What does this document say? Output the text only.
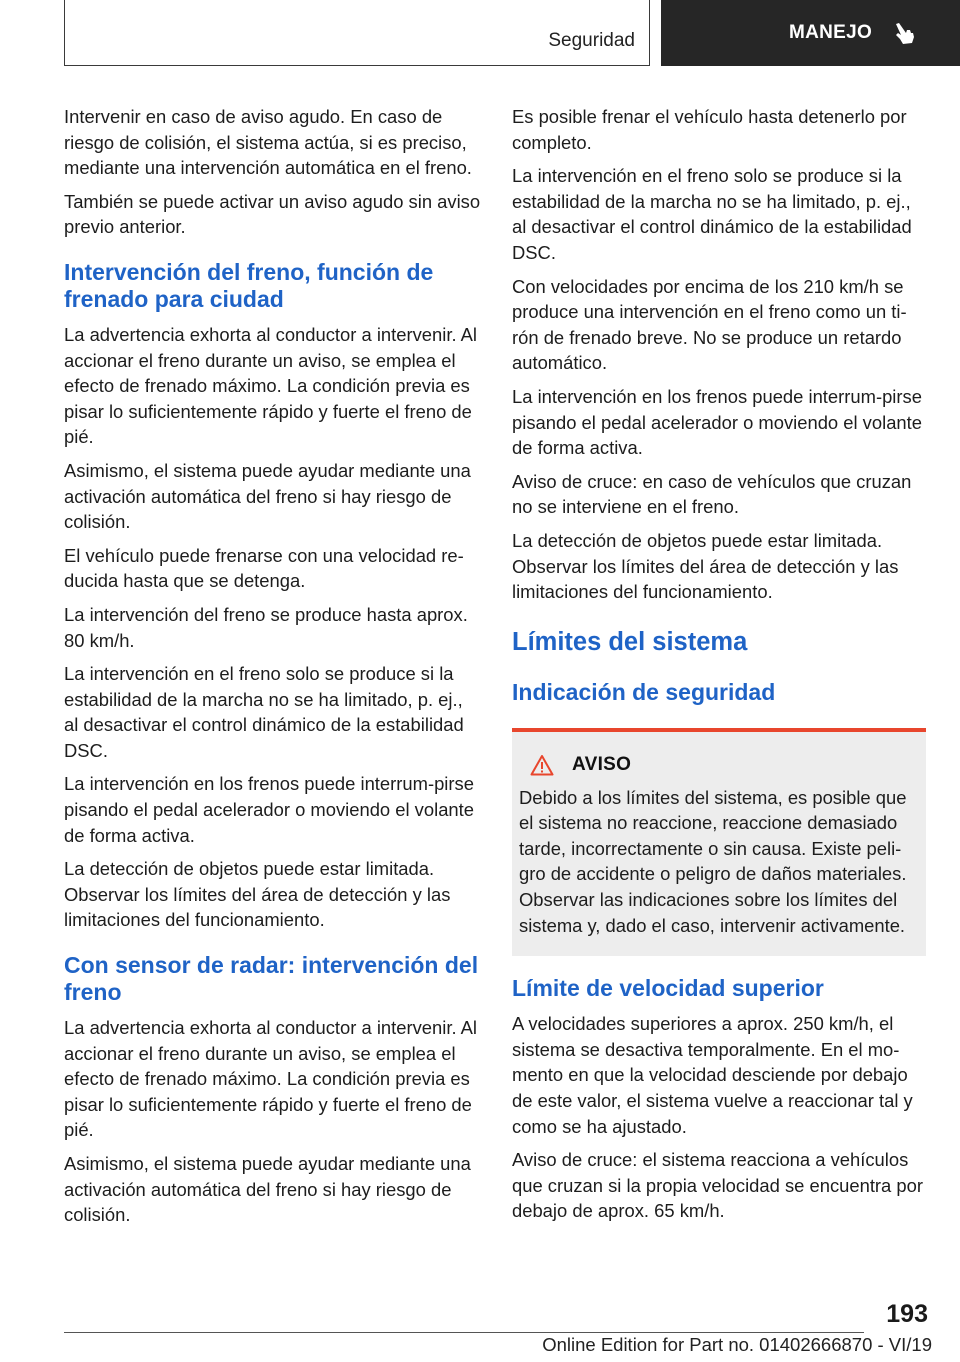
Seguridad	MANEJO

Intervenir en caso de aviso agudo. En caso de riesgo de colisión, el sistema actúa, si es preciso, mediante una intervención automática en el freno.

También se puede activar un aviso agudo sin aviso previo anterior.

Intervención del freno, función de frenado para ciudad

La advertencia exhorta al conductor a intervenir. Al accionar el freno durante un aviso, se emplea el efecto de frenado máximo. La condición previa es pisar lo suficientemente rápido y fuerte el freno de pié.

Asimismo, el sistema puede ayudar mediante una activación automática del freno si hay riesgo de colisión.

El vehículo puede frenarse con una velocidad re‐ducida hasta que se detenga.

La intervención del freno se produce hasta aprox. 80 km/h.

La intervención en el freno solo se produce si la estabilidad de la marcha no se ha limitado, p. ej., al desactivar el control dinámico de la estabilidad DSC.

La intervención en los frenos puede interrum‐pirse pisando el pedal acelerador o moviendo el volante de forma activa.

La detección de objetos puede estar limitada. Observar los límites del área de detección y las limitaciones del funcionamiento.

Con sensor de radar: intervención del freno

La advertencia exhorta al conductor a intervenir. Al accionar el freno durante un aviso, se emplea el efecto de frenado máximo. La condición previa es pisar lo suficientemente rápido y fuerte el freno de pié.

Asimismo, el sistema puede ayudar mediante una activación automática del freno si hay riesgo de colisión.

Es posible frenar el vehículo hasta detenerlo por completo.

La intervención en el freno solo se produce si la estabilidad de la marcha no se ha limitado, p. ej., al desactivar el control dinámico de la estabilidad DSC.

Con velocidades por encima de los 210 km/h se produce una intervención en el freno como un ti‐rón de frenado breve. No se produce un retardo automático.

La intervención en los frenos puede interrum‐pirse pisando el pedal acelerador o moviendo el volante de forma activa.

Aviso de cruce: en caso de vehículos que cruzan no se interviene en el freno.

La detección de objetos puede estar limitada. Observar los límites del área de detección y las limitaciones del funcionamiento.

Límites del sistema
Indicación de seguridad
AVISO

Debido a los límites del sistema, es posible que el sistema no reaccione, reaccione demasiado tarde, incorrectamente o sin causa. Existe peli‐gro de accidente o peligro de daños materiales. Observar las indicaciones sobre los límites del sistema y, dado el caso, intervenir activamente.

Límite de velocidad superior

A velocidades superiores a aprox. 250 km/h, el sistema se desactiva temporalmente. En el mo‐mento en que la velocidad desciende por debajo de este valor, el sistema vuelve a reaccionar tal y como se ha ajustado.

Aviso de cruce: el sistema reacciona a vehículos que cruzan si la propia velocidad se encuentra por debajo de aprox. 65 km/h.

193
Online Edition for Part no. 01402666870 - VI/19
